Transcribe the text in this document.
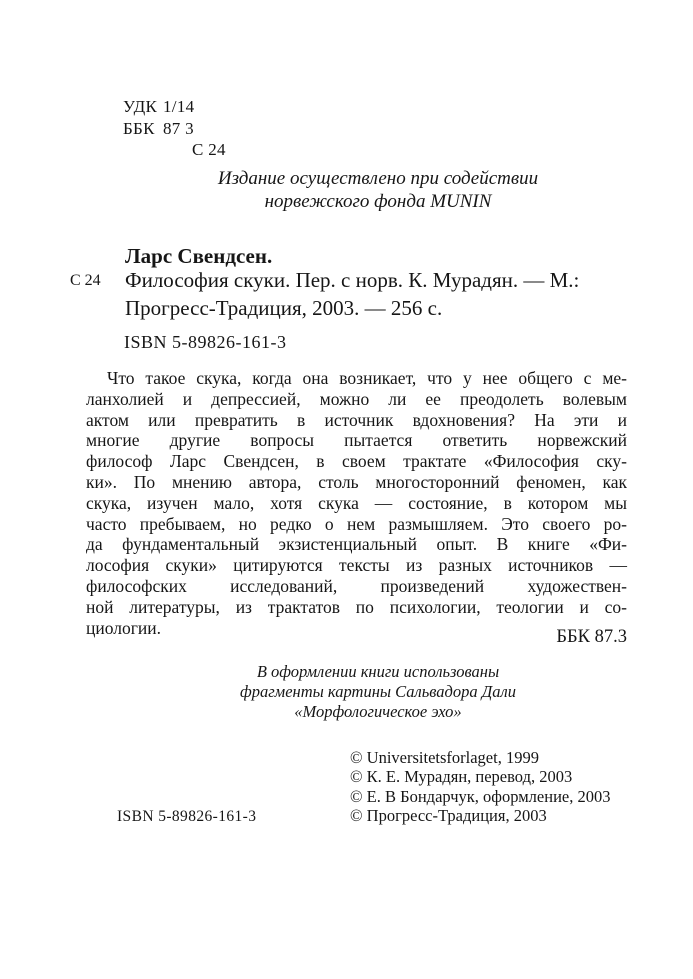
УДК 1/14
ББК 87 3
С 24
Издание осуществлено при содействии
норвежского фонда MUNIN
Ларс Свендсен.
С 24 Философия скуки. Пер. с норв. К. Мурадян. — М.:
Прогресс-Традиция, 2003. — 256 с.
ISBN 5-89826-161-3
Что такое скука, когда она возникает, что у нее общего с ме-
ланхолией и депрессией, можно ли ее преодолеть волевым
актом или превратить в источник вдохновения? На эти и
многие другие вопросы пытается ответить норвежский
философ Ларс Свендсен, в своем трактате «Философия ску-
ки». По мнению автора, столь многосторонний феномен, как
скука, изучен мало, хотя скука — состояние, в котором мы
часто пребываем, но редко о нем размышляем. Это своего ро-
да фундаментальный экзистенциальный опыт. В книге «Фи-
лософия скуки» цитируются тексты из разных источников —
философских исследований, произведений художествен-
ной литературы, из трактатов по психологии, теологии и со-
циологии.	ББК 87.3
В оформлении книги использованы
фрагменты картины Сальвадора Дали
«Морфологическое эхо»
© Universitetsforlaget, 1999
© К. Е. Мурадян, перевод, 2003
© Е. В Бондарчук, оформление, 2003
© Прогресс-Традиция, 2003
ISBN 5-89826-161-3
